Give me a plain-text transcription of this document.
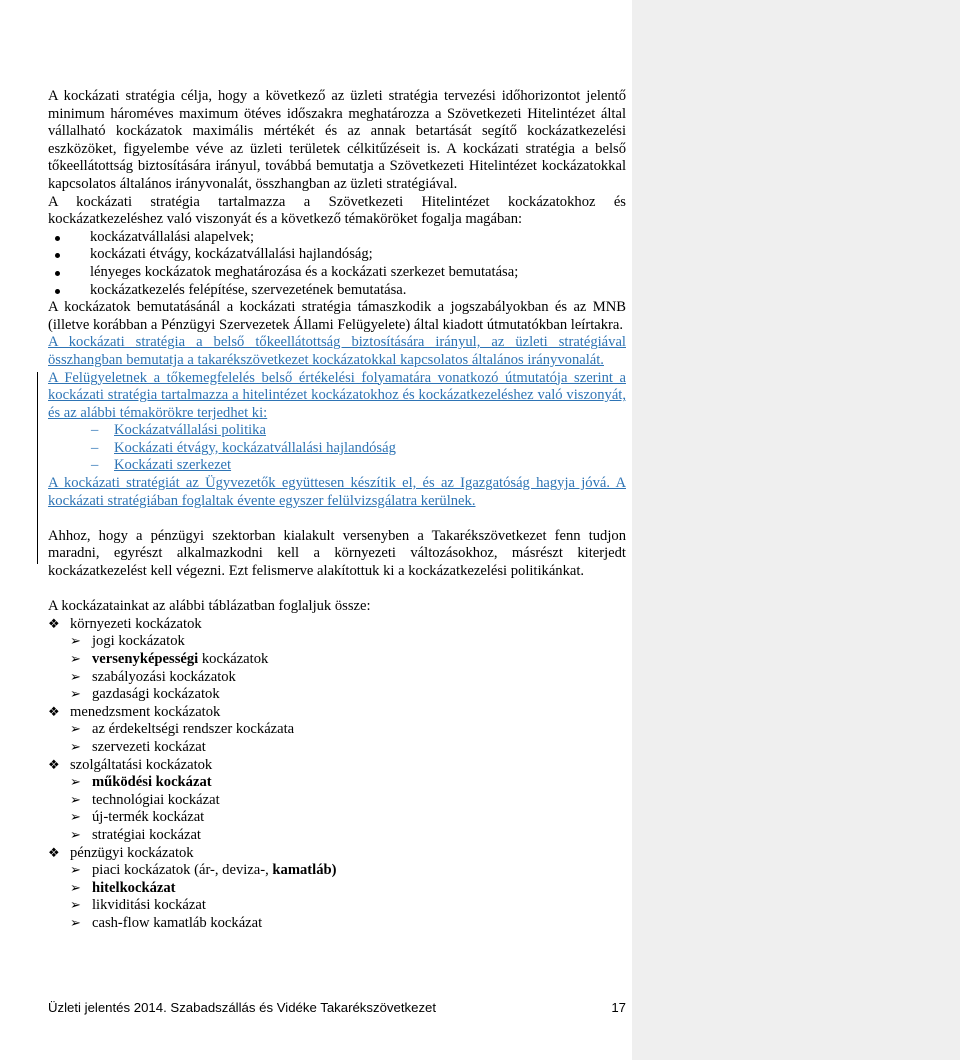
A kockázati stratégia célja, hogy a következő az üzleti stratégia tervezési időhorizontot jelentő minimum hároméves maximum ötéves időszakra meghatározza a Szövetkezeti Hitelintézet által vállalható kockázatok maximális mértékét és az annak betartását segítő kockázatkezelési eszközöket, figyelembe véve az üzleti területek célkitűzéseit is. A kockázati stratégia a belső tőkeellátottság biztosítására irányul, továbbá bemutatja a Szövetkezeti Hitelintézet kockázatokkal kapcsolatos általános irányvonalát, összhangban az üzleti stratégiával.

A kockázati stratégia tartalmazza a Szövetkezeti Hitelintézet kockázatokhoz és kockázatkezeléshez való viszonyát és a következő témaköröket fogalja magában:

kockázatvállalási alapelvek;
kockázati étvágy, kockázatvállalási hajlandóság;
lényeges kockázatok meghatározása és a kockázati szerkezet bemutatása;
kockázatkezelés felépítése, szervezetének bemutatása.

A kockázatok bemutatásánál a kockázati stratégia támaszkodik a jogszabályokban és az MNB (illetve korábban a Pénzügyi Szervezetek Állami Felügyelete) által kiadott útmutatókban leírtakra.

A kockázati stratégia a belső tőkeellátottság biztosítására irányul, az üzleti stratégiával összhangban bemutatja a takarékszövetkezet kockázatokkal kapcsolatos általános irányvonalát.

A Felügyeletnek a tőkemegfelelés belső értékelési folyamatára vonatkozó útmutatója szerint a kockázati stratégia tartalmazza a hitelintézet kockázatokhoz és kockázatkezeléshez való viszonyát, és az alábbi témakörökre terjedhet ki:

– Kockázatvállalási politika
– Kockázati étvágy, kockázatvállalási hajlandóság
– Kockázati szerkezet

A kockázati stratégiát az Ügyvezetők együttesen készítik el, és az Igazgatóság hagyja jóvá. A kockázati stratégiában foglaltak évente egyszer felülvizsgálatra kerülnek.

Ahhoz, hogy a pénzügyi szektorban kialakult versenyben a Takarékszövetkezet fenn tudjon maradni, egyrészt alkalmazkodni kell a környezeti változásokhoz, másrészt kiterjedt kockázatkezelést kell végezni. Ezt felismerve alakítottuk ki a kockázatkezelési politikánkat.

A kockázatainkat az alábbi táblázatban foglaljuk össze:

❖ környezeti kockázatok
➢ jogi kockázatok
➢ versenyképességi kockázatok
➢ szabályozási kockázatok
➢ gazdasági kockázatok
❖ menedzsment kockázatok
➢ az érdekeltségi rendszer kockázata
➢ szervezeti kockázat
❖ szolgáltatási kockázatok
➢ működési kockázat
➢ technológiai kockázat
➢ új-termék kockázat
➢ stratégiai kockázat
❖ pénzügyi kockázatok
➢ piaci kockázatok (ár-, deviza-, kamatláb)
➢ hitelkockázat
➢ likviditási kockázat
➢ cash-flow kamatláb kockázat
Üzleti jelentés 2014. Szabadszállás és Vidéke Takarékszövetkezet	17
